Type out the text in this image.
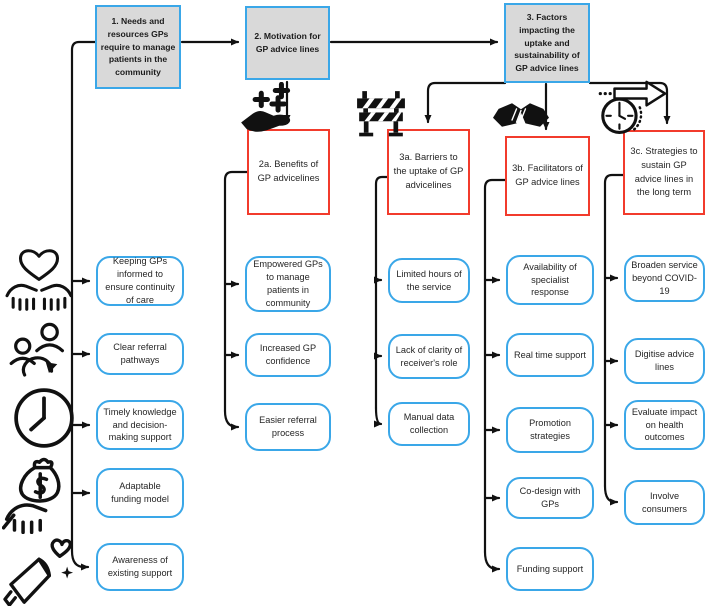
1. Needs and resources GPs require to manage patients in the community
2. Motivation for GP advice lines
3. Factors impacting the uptake and sustainability of GP advice lines
2a. Benefits of GP advicelines
3a. Barriers to the uptake of GP advicelines
3b. Facilitators of GP advice lines
3c. Strategies to sustain GP advice lines in the long term
Keeping GPs informed to ensure continuity of care
Clear referral pathways
Timely knowledge and decision-making support
Adaptable funding model
Awareness of existing support
Empowered GPs to manage patients in community
Increased GP confidence
Easier referral process
Limited hours of the service
Lack of clarity of receiver's role
Manual data collection
Availability of specialist response
Real time support
Promotion strategies
Co-design with GPs
Funding support
Broaden service beyond COVID-19
Digitise advice lines
Evaluate impact on health outcomes
Involve consumers
